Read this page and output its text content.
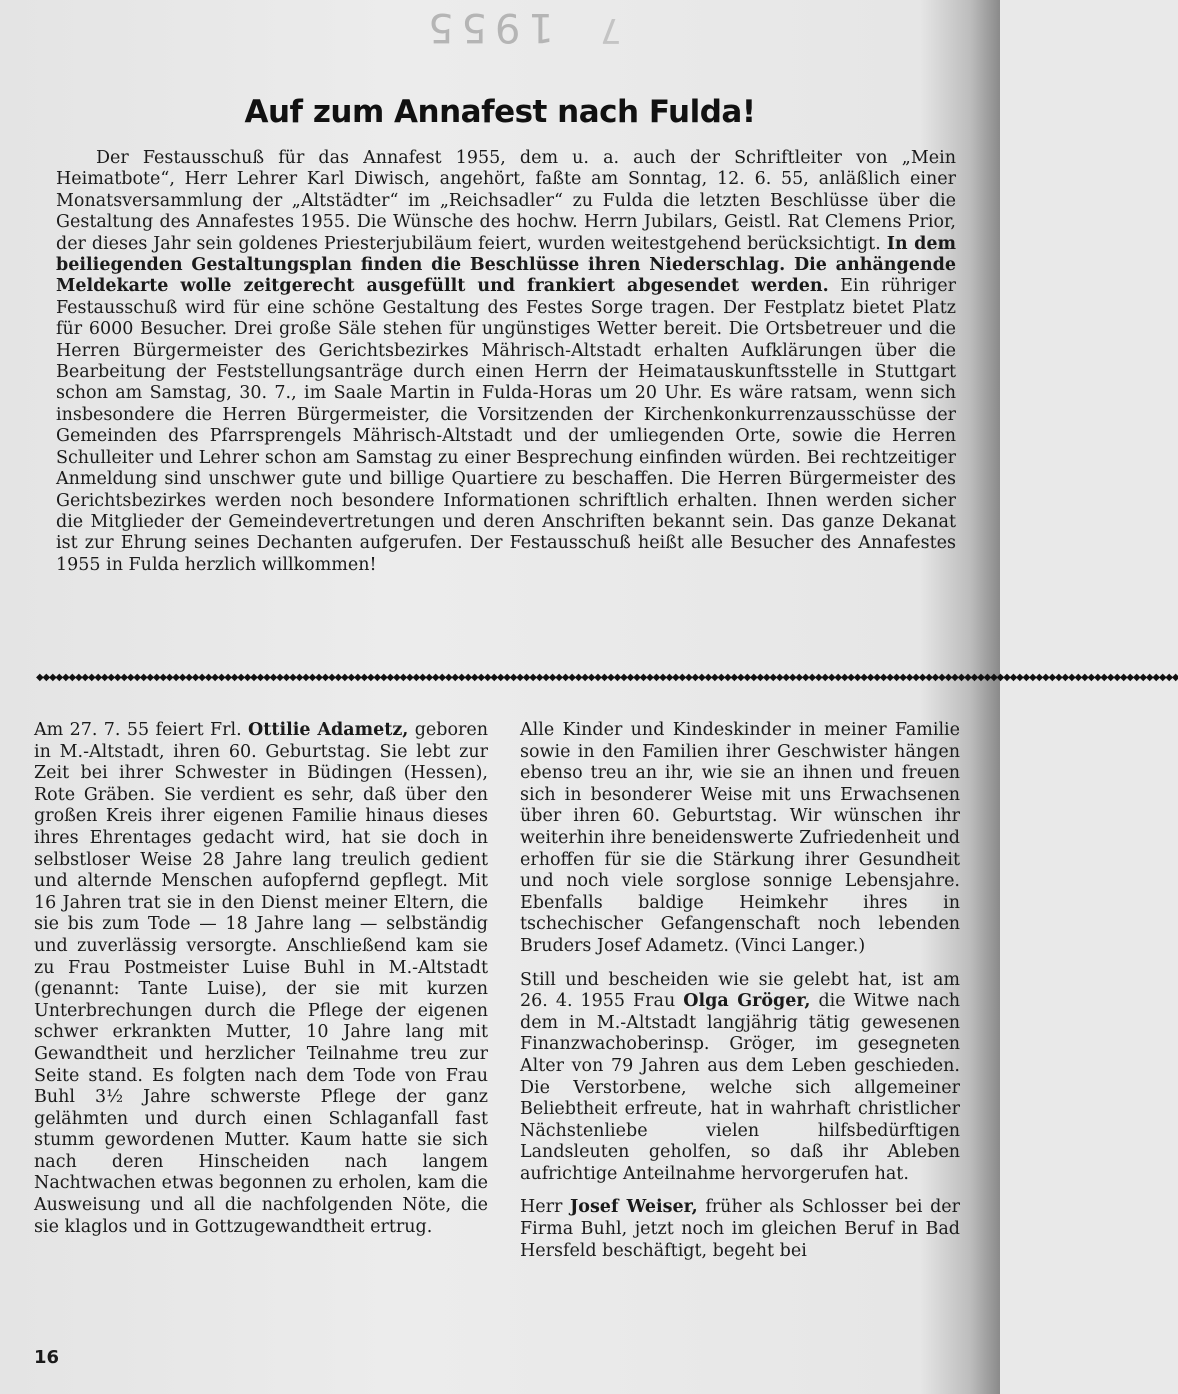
1955 7
Auf zum Annafest nach Fulda!

Der Festausschuß für das Annafest 1955, dem u. a. auch der Schriftleiter von „Mein Heimatbote“, Herr Lehrer Karl Diwisch, angehört, faßte am Sonntag, 12. 6. 55, anläßlich einer Monatsversammlung der „Altstädter“ im „Reichsadler“ zu Fulda die letzten Beschlüsse über die Gestaltung des Annafestes 1955. Die Wünsche des hochw. Herrn Jubilars, Geistl. Rat Clemens Prior, der dieses Jahr sein goldenes Priesterjubiläum feiert, wurden weitestgehend berücksichtigt. In dem beiliegenden Gestaltungsplan finden die Beschlüsse ihren Niederschlag. Die anhängende Meldekarte wolle zeitgerecht ausgefüllt und frankiert abgesendet werden. Ein rühriger Festausschuß wird für eine schöne Gestaltung des Festes Sorge tragen. Der Festplatz bietet Platz für 6000 Besucher. Drei große Säle stehen für ungünstiges Wetter bereit. Die Ortsbetreuer und die Herren Bürgermeister des Gerichtsbezirkes Mährisch-Altstadt erhalten Aufklärungen über die Bearbeitung der Feststellungsanträge durch einen Herrn der Heimatauskunftsstelle in Stuttgart schon am Samstag, 30. 7., im Saale Martin in Fulda-Horas um 20 Uhr. Es wäre ratsam, wenn sich insbesondere die Herren Bürgermeister, die Vorsitzenden der Kirchenkonkurrenzausschüsse der Gemeinden des Pfarrsprengels Mährisch-Altstadt und der umliegenden Orte, sowie die Herren Schulleiter und Lehrer schon am Samstag zu einer Besprechung einfinden würden. Bei rechtzeitiger Anmeldung sind unschwer gute und billige Quartiere zu beschaffen. Die Herren Bürgermeister des Gerichtsbezirkes werden noch besondere Informationen schriftlich erhalten. Ihnen werden sicher die Mitglieder der Gemeindevertretungen und deren Anschriften bekannt sein. Das ganze Dekanat ist zur Ehrung seines Dechanten aufgerufen. Der Festausschuß heißt alle Besucher des Annafestes 1955 in Fulda herzlich willkommen!

◆◆◆◆◆◆◆◆◆◆◆◆◆◆◆◆◆◆◆◆◆◆◆◆◆◆◆◆◆◆◆◆◆◆◆◆◆◆◆◆◆◆◆◆◆◆◆◆◆◆◆◆◆◆◆◆◆◆◆◆◆◆◆◆◆◆◆◆◆◆◆◆◆◆◆◆◆◆◆◆◆◆◆◆◆◆◆◆◆◆◆◆◆◆◆◆◆◆◆◆◆◆◆◆◆◆◆◆◆◆◆◆◆◆◆◆◆◆◆◆◆◆◆◆◆◆◆◆◆◆◆◆◆◆◆◆◆◆◆◆◆◆◆◆◆◆◆◆◆◆◆◆◆◆◆◆◆◆◆◆◆◆◆◆◆◆◆◆◆◆◆◆◆◆◆◆

Am 27. 7. 55 feiert Frl. Ottilie Adametz, geboren in M.-Altstadt, ihren 60. Geburtstag. Sie lebt zur Zeit bei ihrer Schwester in Büdingen (Hessen), Rote Gräben. Sie verdient es sehr, daß über den großen Kreis ihrer eigenen Familie hinaus dieses ihres Ehrentages gedacht wird, hat sie doch in selbstloser Weise 28 Jahre lang treulich gedient und alternde Menschen aufopfernd gepflegt. Mit 16 Jahren trat sie in den Dienst meiner Eltern, die sie bis zum Tode — 18 Jahre lang — selbständig und zuverlässig versorgte. Anschließend kam sie zu Frau Postmeister Luise Buhl in M.-Altstadt (genannt: Tante Luise), der sie mit kurzen Unterbrechungen durch die Pflege der eigenen schwer erkrankten Mutter, 10 Jahre lang mit Gewandtheit und herzlicher Teilnahme treu zur Seite stand. Es folgten nach dem Tode von Frau Buhl 3½ Jahre schwerste Pflege der ganz gelähmten und durch einen Schlaganfall fast stumm gewordenen Mutter. Kaum hatte sie sich nach deren Hinscheiden nach langem Nachtwachen etwas begonnen zu erholen, kam die Ausweisung und all die nachfolgenden Nöte, die sie klaglos und in Gottzugewandtheit ertrug.

Alle Kinder und Kindeskinder in meiner Familie sowie in den Familien ihrer Geschwister hängen ebenso treu an ihr, wie sie an ihnen und freuen sich in besonderer Weise mit uns Erwachsenen über ihren 60. Geburtstag. Wir wünschen ihr weiterhin ihre beneidenswerte Zufriedenheit und erhoffen für sie die Stärkung ihrer Gesundheit und noch viele sorglose sonnige Lebensjahre. Ebenfalls baldige Heimkehr ihres in tschechischer Gefangenschaft noch lebenden Bruders Josef Adametz. (Vinci Langer.)

Still und bescheiden wie sie gelebt hat, ist am 26. 4. 1955 Frau Olga Gröger, die Witwe nach dem in M.-Altstadt langjährig tätig gewesenen Finanzwachoberinsp. Gröger, im gesegneten Alter von 79 Jahren aus dem Leben geschieden. Die Verstorbene, welche sich allgemeiner Beliebtheit erfreute, hat in wahrhaft christlicher Nächstenliebe vielen hilfsbedürftigen Landsleuten geholfen, so daß ihr Ableben aufrichtige Anteilnahme hervorgerufen hat.

Herr Josef Weiser, früher als Schlosser bei der Firma Buhl, jetzt noch im gleichen Beruf in Bad Hersfeld beschäftigt, begeht bei

16
